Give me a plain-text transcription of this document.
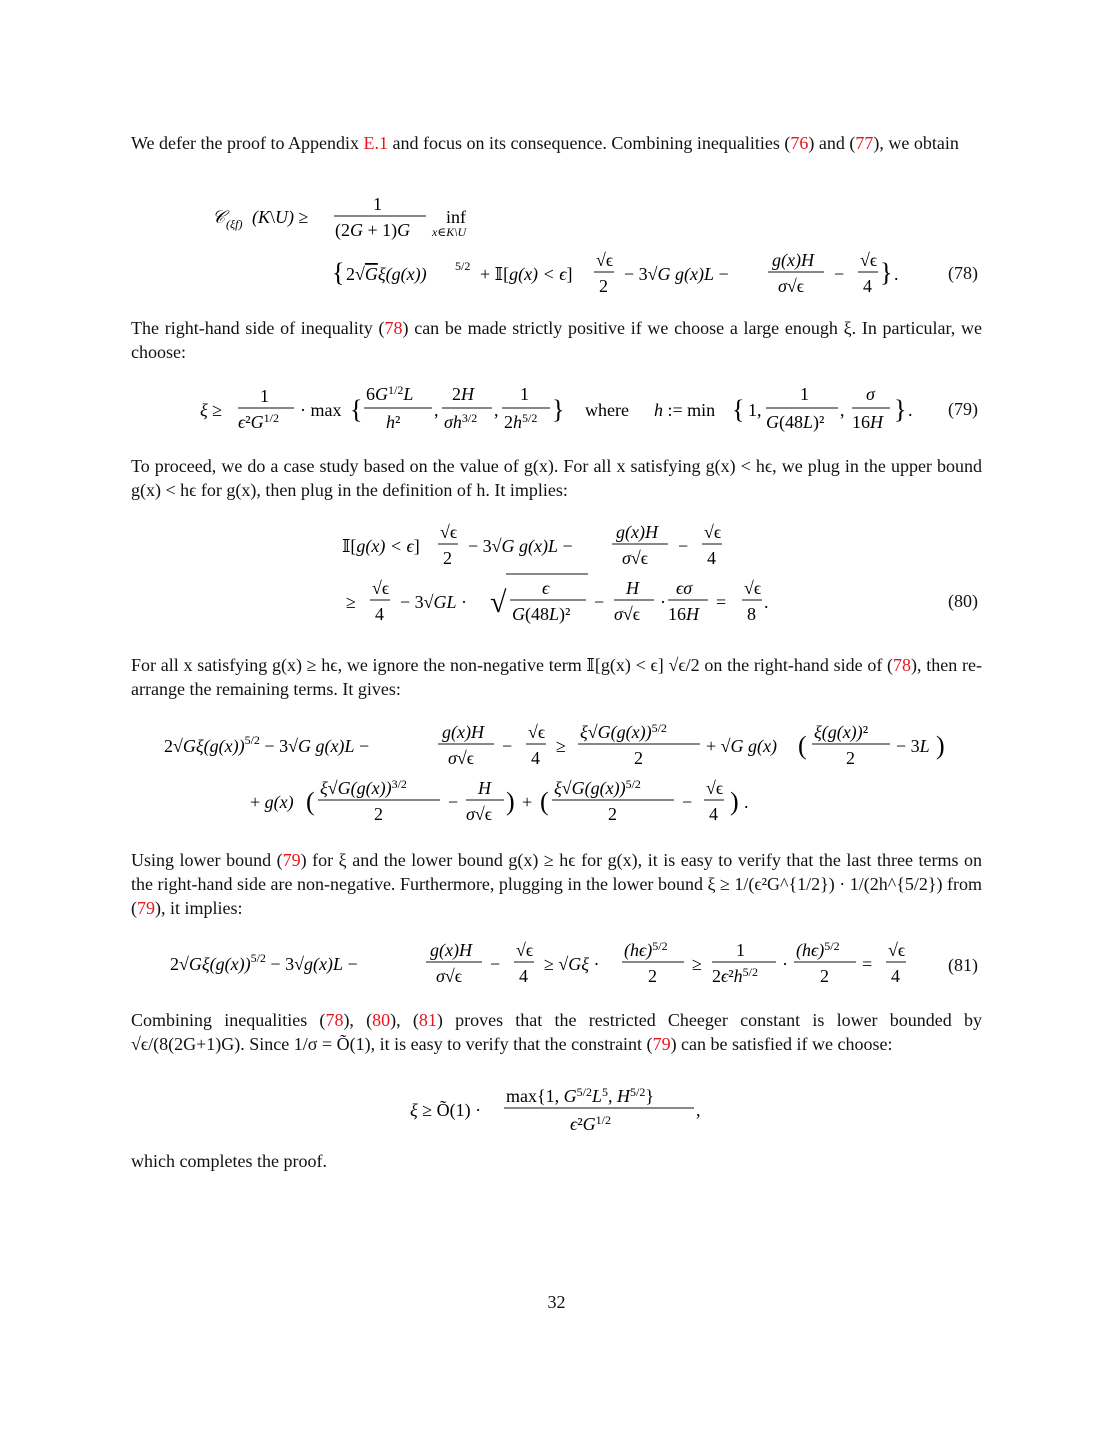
We defer the proof to Appendix E.1 and focus on its consequence. Combining inequalities (76) and (77), we obtain
𝒞 (ξf) (K\U) ≥
1
(2G + 1)G
inf
x∈K\U
{ 2√Gξ(g(x)) 5/2 + 𝕀[g(x) < ϵ]
√ϵ
2
− 3√G g(x)L −
g(x)H
σ√ϵ
−
√ϵ
4 } .	(78)
The right-hand side of inequality (78) can be made strictly positive if we choose a large enough ξ. In particular, we choose:
ξ ≥
1
$\epsilon^2G^{1/2} \cdot \max$ {
$6G^{1/2}L$
h²
,
2H
$\sigma h^{3/2}$ ,
1
$2h^{5/2}$ } where h := min { 1,
1
G(48L)²
,
σ
16H } . (79)
To proceed, we do a case study based on the value of g(x). For all x satisfying g(x) < hϵ, we plug in the upper bound g(x) < hϵ for g(x), then plug in the definition of h. It implies:
𝕀[g(x) < ϵ]
√ϵ
2
− 3√G g(x)L −
g(x)H
σ√ϵ
−
√ϵ
4
≥
√ϵ
4
− 3√GL · √ ϵ
G(48L)²
−
H
σ√ϵ
·
ϵσ
16H
=
√ϵ
8
.	(80)
For all x satisfying g(x) ≥ hϵ, we ignore the non-negative term 𝕀[g(x) < ϵ] √ϵ/2 on the right-hand side of (78), then re-arrange the remaining terms. It gives:
$2√G\xi(g(x))^{5/2} - 3√G$ g(x)L −
g(x)H
σ√ϵ
−
√ϵ
4
≥
$\xi√G(g(x))^{5/2}$
2
+ √G g(x) ( ξ(g(x))²
2
− 3L )
+ g(x) ( $\xi√G(g(x))^{3/2}$
2
−
H
σ√ϵ ) + ( $\xi√G(g(x))^{5/2}$
2
−
√ϵ
4 ) .
Using lower bound (79) for ξ and the lower bound g(x) ≥ hϵ for g(x), it is easy to verify that the last three terms on the right-hand side are non-negative. Furthermore, plugging in the lower bound ξ ≥ 1/(ϵ²G^{1/2}) · 1/(2h^{5/2}) from (79), it implies:
$2√G\xi(g(x))^{5/2} - 3√g(x)L$ −
g(x)H
σ√ϵ
−
√ϵ
4
≥ √Gξ ·
$(h\epsilon)^{5/2}$
2
≥
1
$2\epsilon^2h^{5/2}$ ·
$(h\epsilon)^{5/2}$
2
=
√ϵ
4
(81)
Combining inequalities (78), (80), (81) proves that the restricted Cheeger constant is lower bounded by √ϵ/(8(2G+1)G). Since 1/σ = Õ(1), it is easy to verify that the constraint (79) can be satisfied if we choose:
ξ ≥ Õ(1) ·
max{1, $G^{5/2}L^5$, $H^{5/2}$}
$\epsilon^2G^{1/2}$	,
which completes the proof.
32
